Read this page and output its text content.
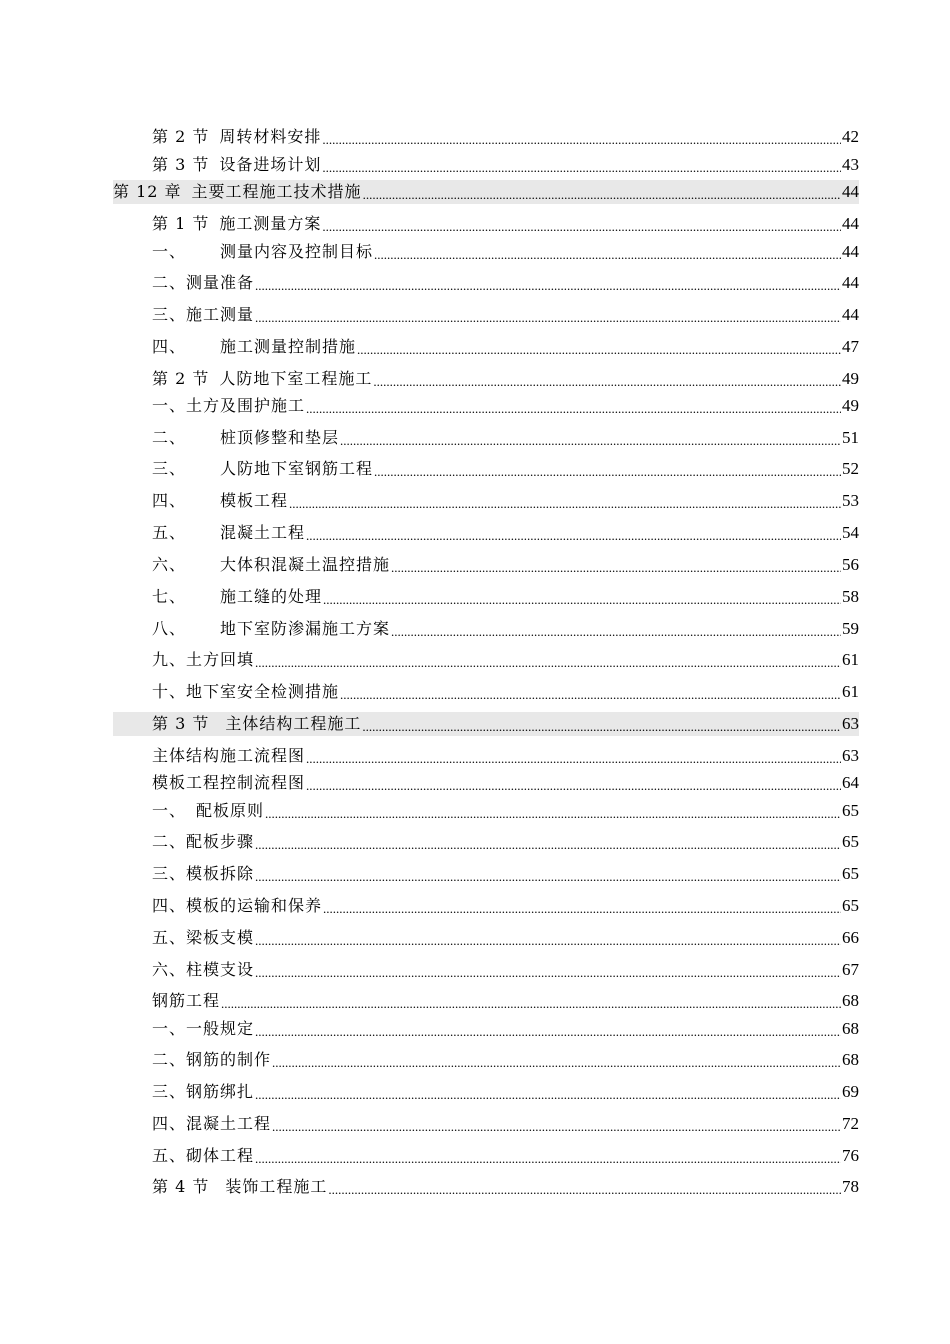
第 2 节 周转材料安排 .....	42
第 3 节 设备进场计划 .....	43
第 12 章 主要工程施工技术措施 .....	44
第 1 节 施工测量方案 .....	44
一、 测量内容及控制目标 .....	44
二、 测量准备 .....	44
三、 施工测量 .....	44
四、 施工测量控制措施 .....	47
第 2 节 人防地下室工程施工 .....	49
一、 土方及围护施工 .....	49
二、 桩顶修整和垫层 .....	51
三、 人防地下室钢筋工程 .....	52
四、 模板工程 .....	53
五、 混凝土工程 .....	54
六、 大体积混凝土温控措施 .....	56
七、 施工缝的处理 .....	58
八、 地下室防渗漏施工方案 .....	59
九、 土方回填 .....	61
十、 地下室安全检测措施 .....	61
第 3 节 主体结构工程施工 .....	63
主体结构施工流程图 .....	63
模板工程控制流程图 .....	64
一、 配板原则 .....	65
二、 配板步骤 .....	65
三、 模板拆除 .....	65
四、 模板的运输和保养 .....	65
五、 梁板支模 .....	66
六、 柱模支设 .....	67
钢筋工程 .....	68
一、 一般规定 .....	68
二、 钢筋的制作 .....	68
三、 钢筋绑扎 .....	69
四、 混凝土工程 .....	72
五、 砌体工程 .....	76
第 4 节 装饰工程施工 .....	78
